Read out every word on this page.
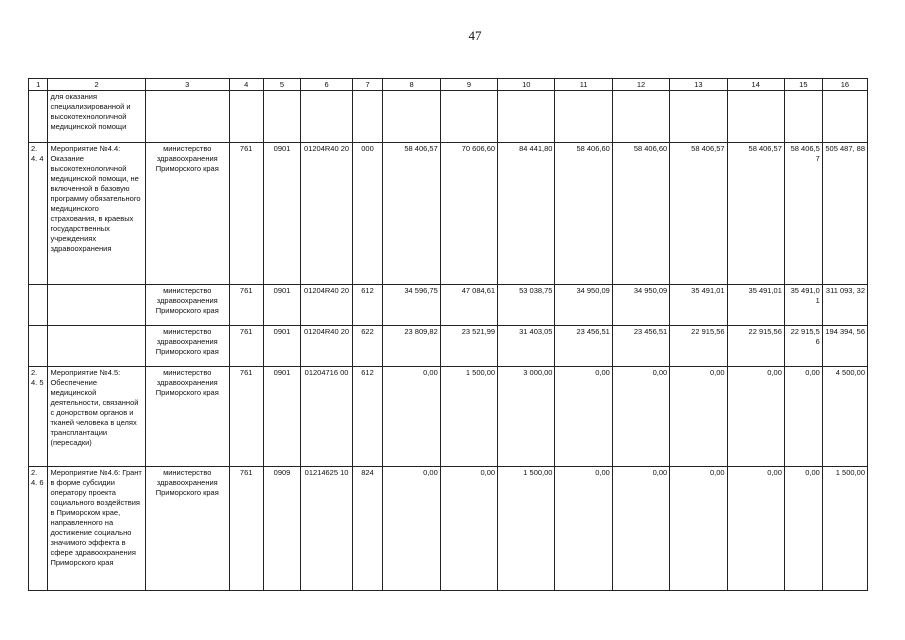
47
1	2	3	4	5	6	7	8	9	10	11	12	13	14	15	16
	для оказания специализированной и высокотехнологичной медицинской помощи														
2. 4. 4	Мероприятие №4.4: Оказание высокотехнологичной медицинской помощи, не включенной в базовую программу обязательного медицинского страхования, в краевых государственных учреждениях здравоохранения	министерство здравоохранения Приморского края	761	0901	01204R40 20	000	58 406,57	70 606,60	84 441,80	58 406,60	58 406,60	58 406,57	58 406,57	58 406,5 7	505 487, 88
		министерство здравоохранения Приморского края	761	0901	01204R40 20	612	34 596,75	47 084,61	53 038,75	34 950,09	34 950,09	35 491,01	35 491,01	35 491,0 1	311 093, 32
		министерство здравоохранения Приморского края	761	0901	01204R40 20	622	23 809,82	23 521,99	31 403,05	23 456,51	23 456,51	22 915,56	22 915,56	22 915,5 6	194 394, 56
2. 4. 5	Мероприятие №4.5: Обеспечение медицинской деятельности, связанной с донорством органов и тканей человека в целях трансплантации (пересадки)	министерство здравоохранения Приморского края	761	0901	01204716 00	612	0,00	1 500,00	3 000,00	0,00	0,00	0,00	0,00	0,00	4 500,00
2. 4. 6	Мероприятие №4.6: Грант в форме субсидии оператору проекта социального воздействия в Приморском крае, направленного на достижение социально значимого эффекта в сфере здравоохранения Приморского края	министерство здравоохранения Приморского края	761	0909	01214625 10	824	0,00	0,00	1 500,00	0,00	0,00	0,00	0,00	0,00	1 500,00
